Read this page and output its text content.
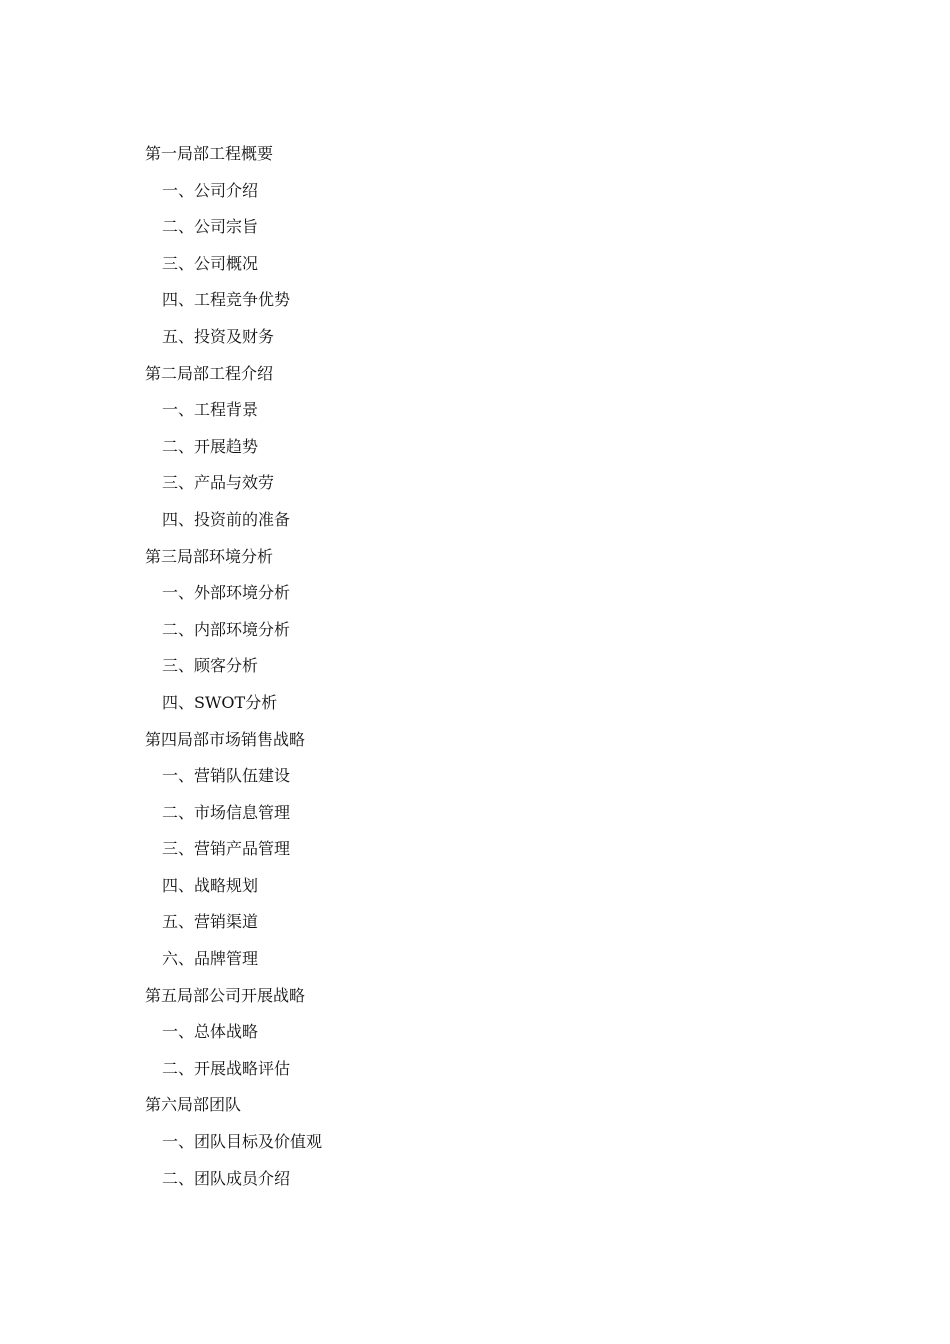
第一局部工程概要
一、公司介绍
二、公司宗旨
三、公司概况
四、工程竞争优势
五、投资及财务
第二局部工程介绍
一、工程背景
二、开展趋势
三、产品与效劳
四、投资前的准备
第三局部环境分析
一、外部环境分析
二、内部环境分析
三、顾客分析
四、SWOT分析
第四局部市场销售战略
一、营销队伍建设
二、市场信息管理
三、营销产品管理
四、战略规划
五、营销渠道
六、品牌管理
第五局部公司开展战略
一、总体战略
二、开展战略评估
第六局部团队
一、团队目标及价值观
二、团队成员介绍
